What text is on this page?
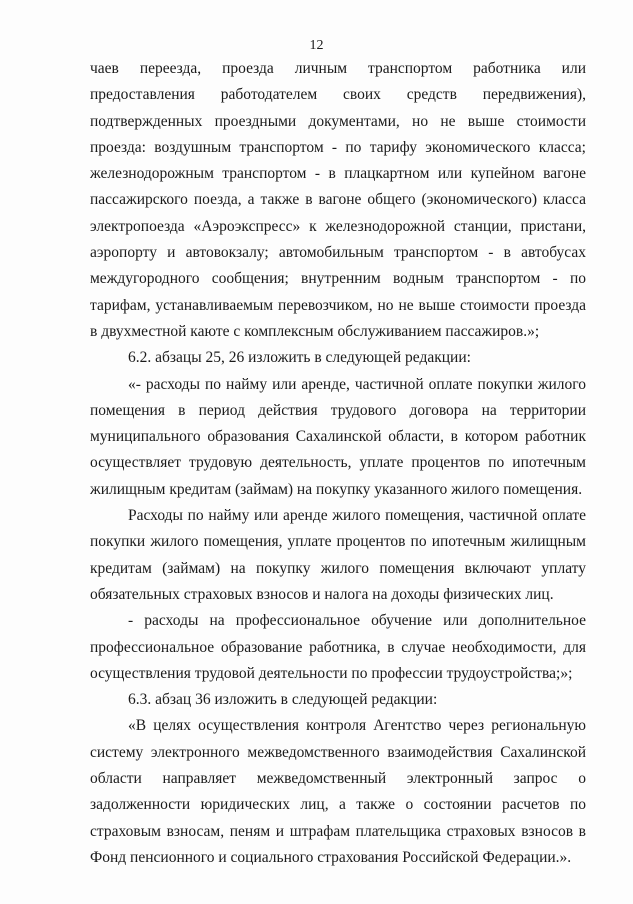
12

чаев переезда, проезда личным транспортом работника или предоставления работодателем своих средств передвижения), подтвержденных проездными документами, но не выше стоимости проезда: воздушным транспортом - по тарифу экономического класса; железнодорожным транспортом - в плацкартном или купейном вагоне пассажирского поезда, а также в вагоне общего (экономического) класса электропоезда «Аэроэкспресс» к железнодорожной станции, пристани, аэропорту и автовокзалу; автомобильным транспортом - в автобусах междугородного сообщения; внутренним водным транспортом - по тарифам, устанавливаемым перевозчиком, но не выше стоимости проезда в двухместной каюте с комплексным обслуживанием пассажиров.»;

6.2. абзацы 25, 26 изложить в следующей редакции:

«- расходы по найму или аренде, частичной оплате покупки жилого помещения в период действия трудового договора на территории муниципального образования Сахалинской области, в котором работник осуществляет трудовую деятельность, уплате процентов по ипотечным жилищным кредитам (займам) на покупку указанного жилого помещения.

Расходы по найму или аренде жилого помещения, частичной оплате покупки жилого помещения, уплате процентов по ипотечным жилищным кредитам (займам) на покупку жилого помещения включают уплату обязательных страховых взносов и налога на доходы физических лиц.

- расходы на профессиональное обучение или дополнительное профессиональное образование работника, в случае необходимости, для осуществления трудовой деятельности по профессии трудоустройства;»;

6.3. абзац 36 изложить в следующей редакции:

«В целях осуществления контроля Агентство через региональную систему электронного межведомственного взаимодействия Сахалинской области направляет межведомственный электронный запрос о задолженности юридических лиц, а также о состоянии расчетов по страховым взносам, пеням и штрафам плательщика страховых взносов в Фонд пенсионного и социального страхования Российской Федерации.».
